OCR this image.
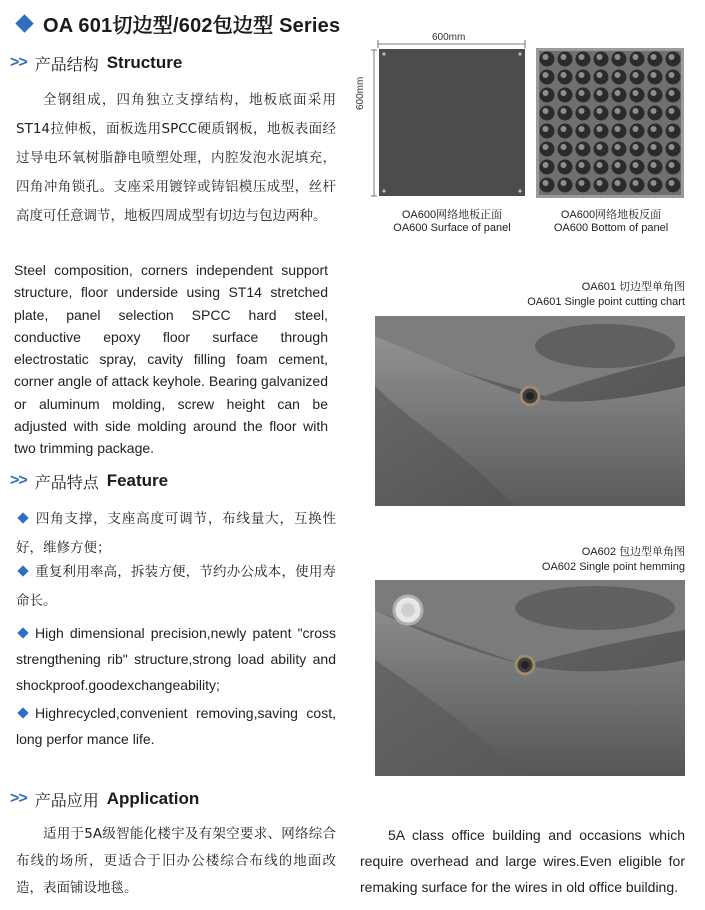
OA 601切边型/602包边型 Series
>> 产品结构 Structure
全钢组成，四角独立支撑结构，地板底面采用ST14拉伸板，面板选用SPCC硬质钢板，地板表面经过导电环氧树脂静电喷塑处理，内腔发泡水泥填充，四角冲角锁孔。支座采用镀锌或铸铝模压成型，丝杆高度可任意调节，地板四周成型有切边与包边两种。
Steel composition, corners independent support structure, floor underside using ST14 stretched plate, panel selection SPCC hard steel, conductive epoxy floor surface through electrostatic spray, cavity filling foam cement, corner angle of attack keyhole. Bearing galvanized or aluminum molding, screw height can be adjusted with side molding around the floor with two trimming package.
600mm
600mm
OA600网络地板正面
OA600 Surface of panel
OA600网络地板反面
OA600 Bottom of panel
OA601 切边型单角图
OA601 Single point cutting chart
>> 产品特点 Feature
四角支撑，支座高度可调节，布线量大，互换性好，维修方便；
重复利用率高，拆装方便，节约办公成本，使用寿命长。
High dimensional precision,newly patent "cross strengthening rib" structure,strong load ability and shockproof.goodexchangeability;
Highrecycled,convenient removing,saving cost, long perfor mance life.
OA602 包边型单角图
OA602 Single point hemming
>> 产品应用 Application
适用于5A级智能化楼宇及有架空要求、网络综合布线的场所，更适合于旧办公楼综合布线的地面改造，表面铺设地毯。
5A class office building and occasions which require overhead and large wires.Even eligible for remaking surface for the wires in old office building.
